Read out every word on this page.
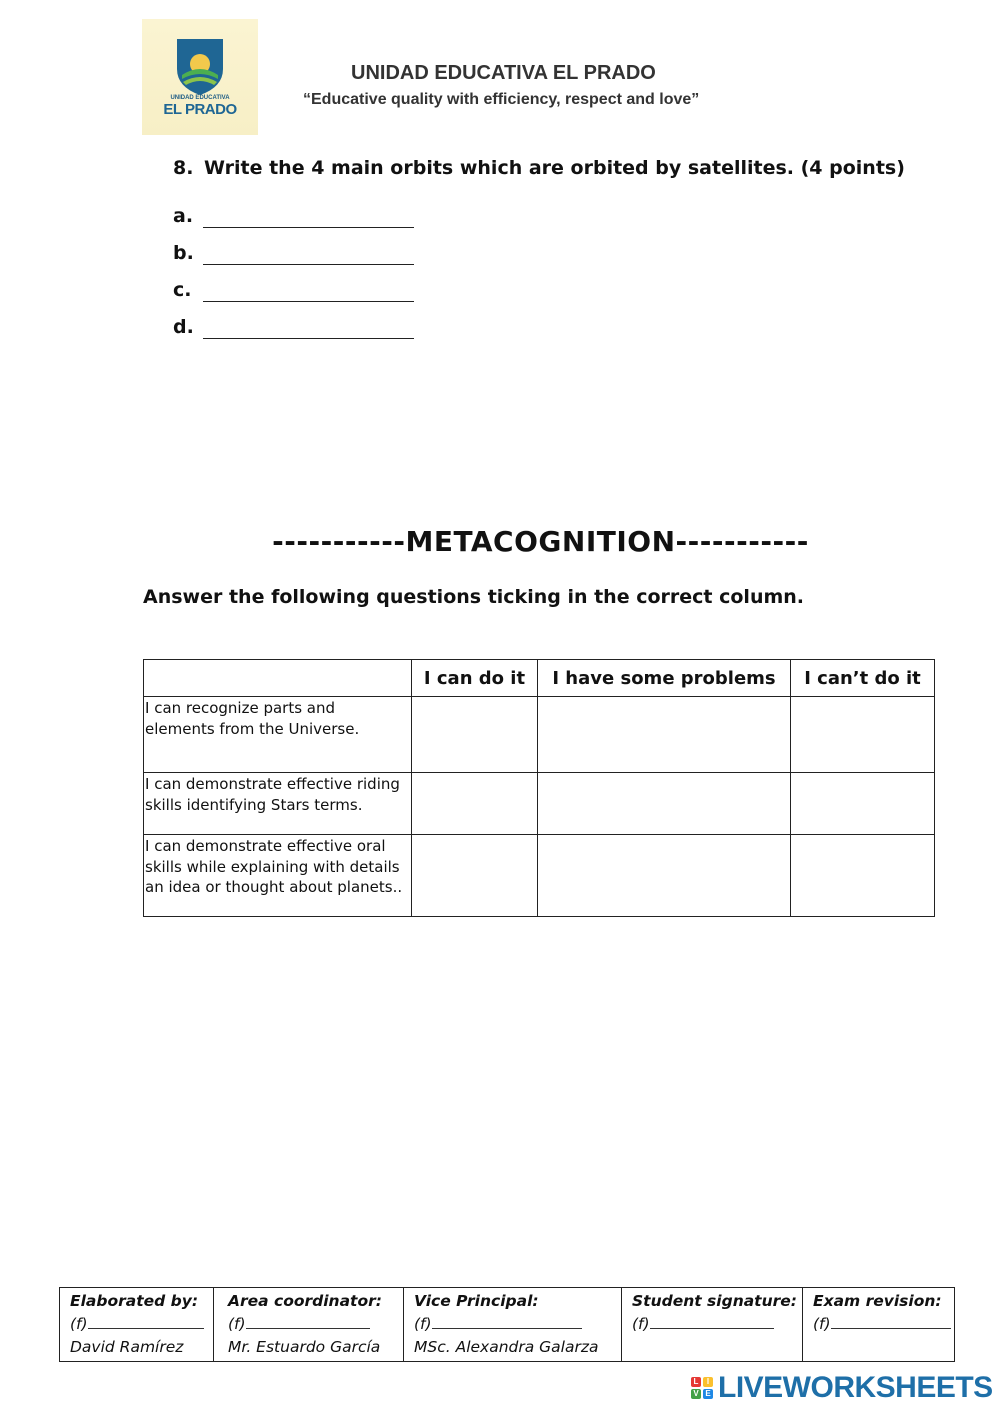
UNIDAD EDUCATIVA
EL PRADO
UNIDAD EDUCATIVA EL PRADO
“Educative quality with efficiency, respect and love”
8. Write the 4 main orbits which are orbited by satellites. (4 points)
a.
b.
c.
d.
-----------METACOGNITION-----------
Answer the following questions ticking in the correct column.
	I can do it	I have some problems	I can’t do it
I can recognize parts and elements from the Universe.			
I can demonstrate effective riding skills identifying Stars terms.			
I can demonstrate effective oral skills while explaining with details an idea or thought about planets..			
Elaborated by:
(f)
David Ramírez

Area coordinator:
(f)
Mr. Estuardo García

Vice Principal:
(f)
MSc. Alexandra Galarza

Student signature:
(f)

Exam revision:
(f)
L	I
V E LIVEWORKSHEETS
